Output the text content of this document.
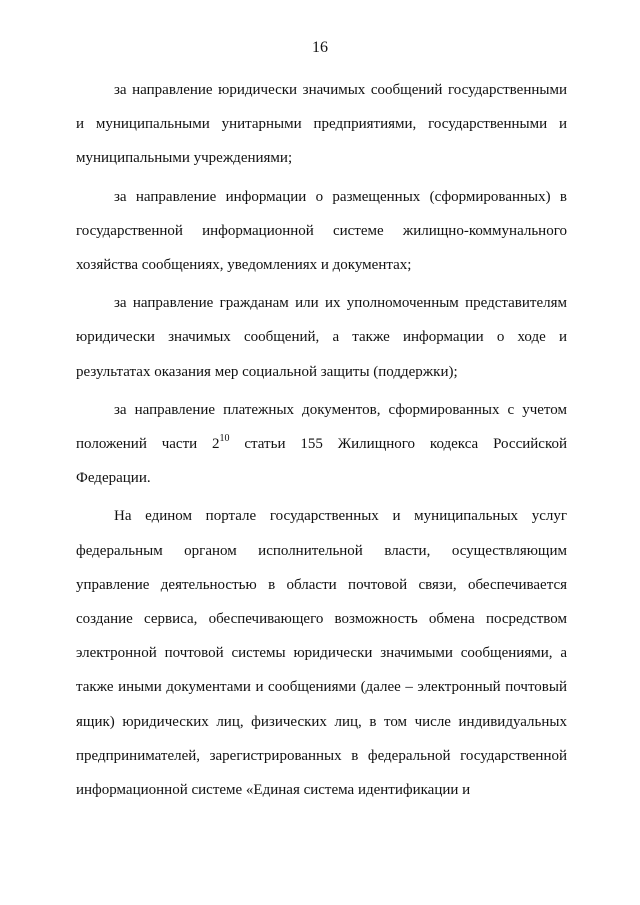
16

за направление юридически значимых сообщений государственными и муниципальными унитарными предприятиями, государственными и муниципальными учреждениями;

за направление информации о размещенных (сформированных) в государственной информационной системе жилищно-коммунального хозяйства сообщениях, уведомлениях и документах;

за направление гражданам или их уполномоченным представителям юридически значимых сообщений, а также информации о ходе и результатах оказания мер социальной защиты (поддержки);

за направление платежных документов, сформированных с учетом положений части $2^{10}$ статьи 155 Жилищного кодекса Российской Федерации.

На едином портале государственных и муниципальных услуг федеральным органом исполнительной власти, осуществляющим управление деятельностью в области почтовой связи, обеспечивается создание сервиса, обеспечивающего возможность обмена посредством электронной почтовой системы юридически значимыми сообщениями, а также иными документами и сообщениями (далее – электронный почтовый ящик) юридических лиц, физических лиц, в том числе индивидуальных предпринимателей, зарегистрированных в федеральной государственной информационной системе «Единая система идентификации и
